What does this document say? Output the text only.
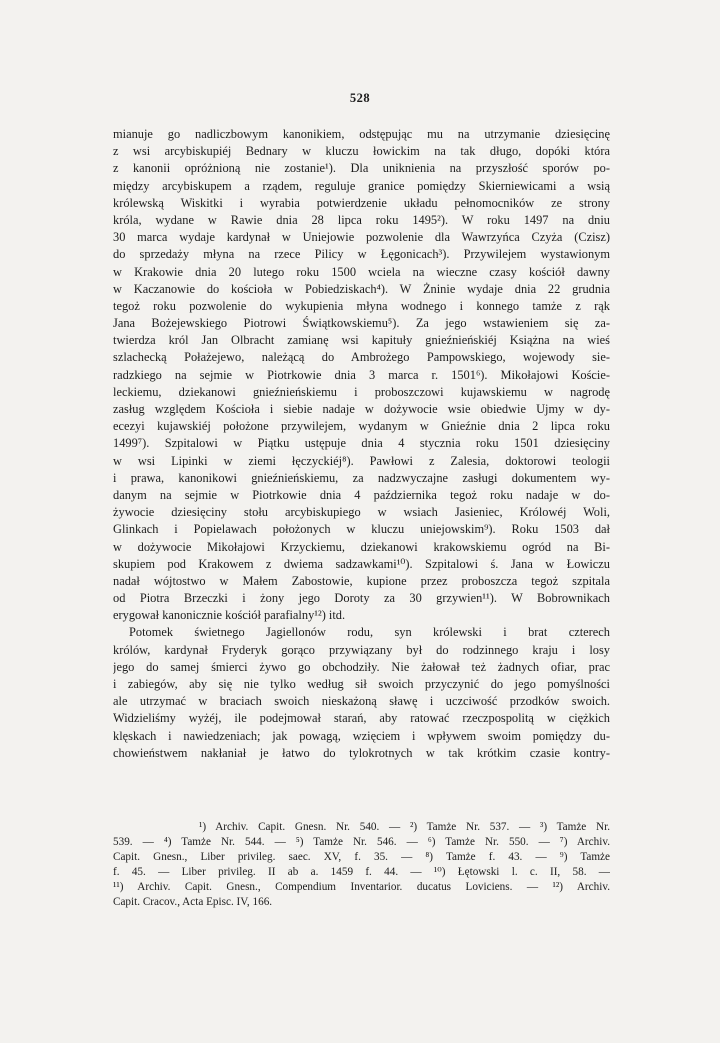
528
mianuje go nadliczbowym kanonikiem, odstępując mu na utrzymanie dziesięcinę
z wsi arcybiskupiéj Bednary w kluczu łowickim na tak długo, dopóki która
z kanonii opróżnioną nie zostanie¹). Dla uniknienia na przyszłość sporów po-
między arcybiskupem a rządem, reguluje granice pomiędzy Skierniewicami a wsią
królewską Wiskitki i wyrabia potwierdzenie układu pełnomocników ze strony
króla, wydane w Rawie dnia 28 lipca roku 1495²). W roku 1497 na dniu
30 marca wydaje kardynał w Uniejowie pozwolenie dla Wawrzyńca Czyża (Czisz)
do sprzedaży młyna na rzece Pilicy w Łęgonicach³). Przywilejem wystawionym
w Krakowie dnia 20 lutego roku 1500 wciela na wieczne czasy kościół dawny
w Kaczanowie do kościoła w Pobiedziskach⁴). W Żninie wydaje dnia 22 grudnia
tegoż roku pozwolenie do wykupienia młyna wodnego i konnego tamże z rąk
Jana Bożejewskiego Piotrowi Świątkowskiemu⁵). Za jego wstawieniem się za-
twierdza król Jan Olbracht zamianę wsi kapituły gnieźnieńskiéj Książna na wieś
szlachecką Połażejewo, należącą do Ambrożego Pampowskiego, wojewody sie-
radzkiego na sejmie w Piotrkowie dnia 3 marca r. 1501⁶). Mikołajowi Koście-
leckiemu, dziekanowi gnieźnieńskiemu i proboszczowi kujawskiemu w nagrodę
zasług względem Kościoła i siebie nadaje w dożywocie wsie obiedwie Ujmy w dy-
ecezyi kujawskiéj położone przywilejem, wydanym w Gnieźnie dnia 2 lipca roku
1499⁷). Szpitalowi w Piątku ustępuje dnia 4 stycznia roku 1501 dziesięciny
w wsi Lipinki w ziemi łęczyckiéj⁸). Pawłowi z Zalesia, doktorowi teologii
i prawa, kanonikowi gnieźnieńskiemu, za nadzwyczajne zasługi dokumentem wy-
danym na sejmie w Piotrkowie dnia 4 października tegoż roku nadaje w do-
żywocie dziesięciny stołu arcybiskupiego w wsiach Jasieniec, Królowéj Woli,
Glinkach i Popielawach położonych w kluczu uniejowskim⁹). Roku 1503 dał
w dożywocie Mikołajowi Krzyckiemu, dziekanowi krakowskiemu ogród na Bi-
skupiem pod Krakowem z dwiema sadzawkami¹⁰). Szpitalowi ś. Jana w Łowiczu
nadał wójtostwo w Małem Zabostowie, kupione przez proboszcza tegoż szpitala
od Piotra Brzeczki i żony jego Doroty za 30 grzywien¹¹). W Bobrownikach
erygował kanonicznie kościół parafialny¹²) itd.
Potomek świetnego Jagiellonów rodu, syn królewski i brat czterech
królów, kardynał Fryderyk gorąco przywiązany był do rodzinnego kraju i losy
jego do samej śmierci żywo go obchodziły. Nie żałował też żadnych ofiar, prac
i zabiegów, aby się nie tylko według sił swoich przyczynić do jego pomyślności
ale utrzymać w braciach swoich nieskażoną sławę i uczciwość przodków swoich.
Widzieliśmy wyżéj, ile podejmował starań, aby ratować rzeczpospolitą w ciężkich
klęskach i nawiedzeniach; jak powagą, wzięciem i wpływem swoim pomiędzy du-
chowieństwem nakłaniał je łatwo do tylokrotnych w tak krótkim czasie kontry-
¹) Archiv. Capit. Gnesn. Nr. 540. — ²) Tamże Nr. 537. — ³) Tamże Nr.
539. — ⁴) Tamże Nr. 544. — ⁵) Tamże Nr. 546. — ⁶) Tamże Nr. 550. — ⁷) Archiv.
Capit. Gnesn., Liber privileg. saec. XV, f. 35. — ⁸) Tamże f. 43. — ⁹) Tamże
f. 45. — Liber privileg. II ab a. 1459 f. 44. — ¹⁰) Łętowski l. c. II, 58. —
¹¹) Archiv. Capit. Gnesn., Compendium Inventarior. ducatus Loviciens. — ¹²) Archiv.
Capit. Cracov., Acta Episc. IV, 166.
